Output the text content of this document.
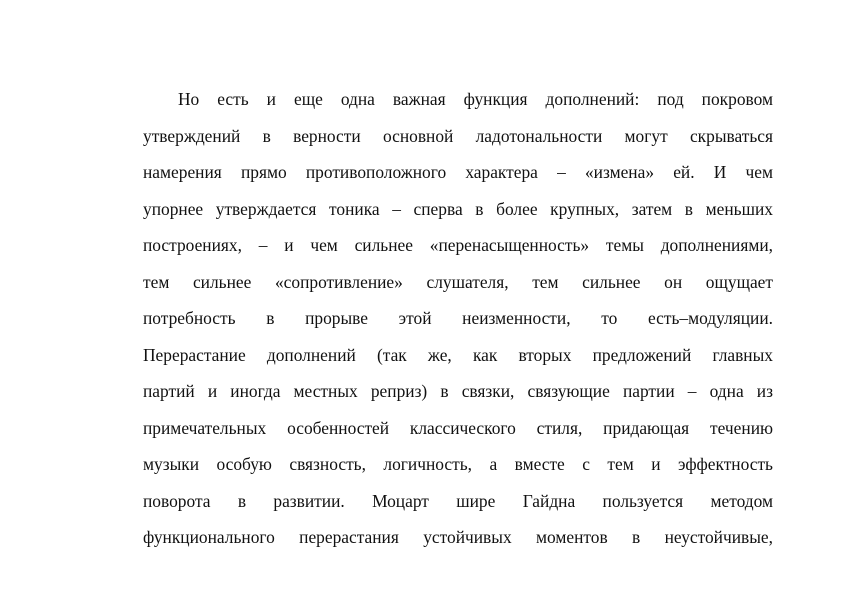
Но есть и еще одна важная функция дополнений: под покровом
утверждений в верности основной ладотональности могут скрываться
намерения прямо противоположного характера – «измена» ей. И чем
упорнее утверждается тоника – сперва в более крупных, затем в меньших
построениях, – и чем сильнее «перенасыщенность» темы дополнениями,
тем сильнее «сопротивление» слушателя, тем сильнее он ощущает
потребность в прорыве этой неизменности, то есть–модуляции.
Перерастание дополнений (так же, как вторых предложений главных
партий и иногда местных реприз) в связки, связующие партии – одна из
примечательных особенностей классического стиля, придающая течению
музыки особую связность, логичность, а вместе с тем и эффектность
поворота в развитии. Моцарт шире Гайдна пользуется методом
функционального перерастания устойчивых моментов в неустойчивые,
